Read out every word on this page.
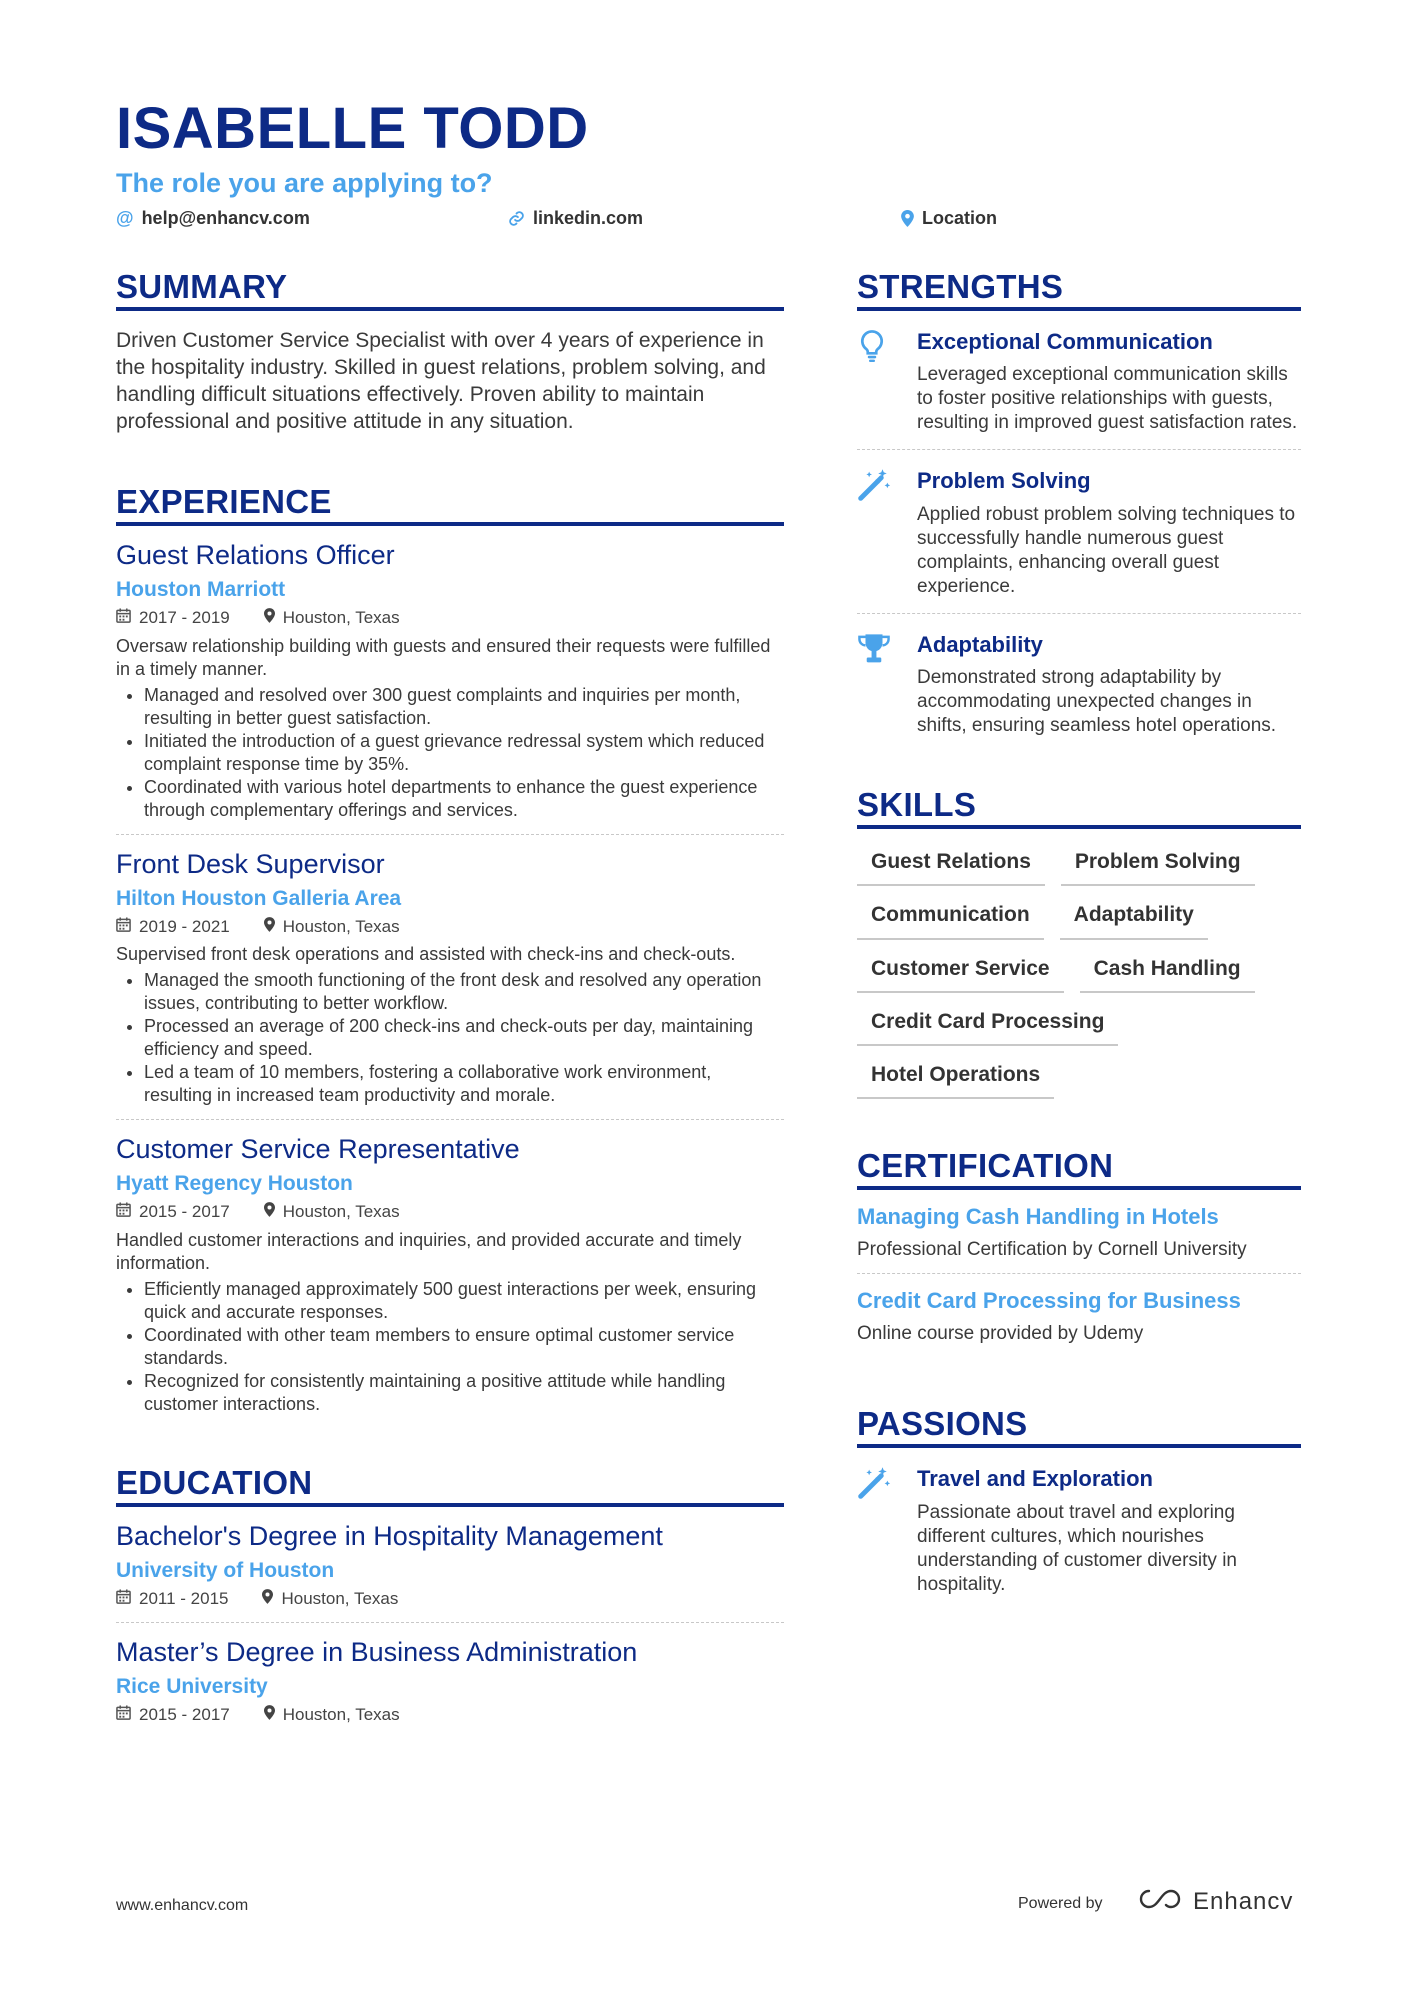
ISABELLE TODD
The role you are applying to?
@ help@enhancv.com	linkedin.com	Location
SUMMARY
Driven Customer Service Specialist with over 4 years of experience in the hospitality industry. Skilled in guest relations, problem solving, and handling difficult situations effectively. Proven ability to maintain professional and positive attitude in any situation.
EXPERIENCE
Guest Relations Officer
Houston Marriott
2017 - 2019	Houston, Texas
Oversaw relationship building with guests and ensured their requests were fulfilled in a timely manner.
• Managed and resolved over 300 guest complaints and inquiries per month, resulting in better guest satisfaction.
• Initiated the introduction of a guest grievance redressal system which reduced complaint response time by 35%.
• Coordinated with various hotel departments to enhance the guest experience through complementary offerings and services.
Front Desk Supervisor
Hilton Houston Galleria Area
2019 - 2021	Houston, Texas
Supervised front desk operations and assisted with check-ins and check-outs.
• Managed the smooth functioning of the front desk and resolved any operation issues, contributing to better workflow.
• Processed an average of 200 check-ins and check-outs per day, maintaining efficiency and speed.
• Led a team of 10 members, fostering a collaborative work environment, resulting in increased team productivity and morale.
Customer Service Representative
Hyatt Regency Houston
2015 - 2017	Houston, Texas
Handled customer interactions and inquiries, and provided accurate and timely information.
• Efficiently managed approximately 500 guest interactions per week, ensuring quick and accurate responses.
• Coordinated with other team members to ensure optimal customer service standards.
• Recognized for consistently maintaining a positive attitude while handling customer interactions.
EDUCATION
Bachelor's Degree in Hospitality Management
University of Houston
2011 - 2015	Houston, Texas
Master’s Degree in Business Administration
Rice University
2015 - 2017	Houston, Texas
STRENGTHS
Exceptional Communication
Leveraged exceptional communication skills to foster positive relationships with guests, resulting in improved guest satisfaction rates.
Problem Solving
Applied robust problem solving techniques to successfully handle numerous guest complaints, enhancing overall guest experience.
Adaptability
Demonstrated strong adaptability by accommodating unexpected changes in shifts, ensuring seamless hotel operations.
SKILLS
Guest Relations	Problem Solving
Communication	Adaptability
Customer Service	Cash Handling
Credit Card Processing
Hotel Operations
CERTIFICATION
Managing Cash Handling in Hotels
Professional Certification by Cornell University
Credit Card Processing for Business
Online course provided by Udemy
PASSIONS
Travel and Exploration
Passionate about travel and exploring different cultures, which nourishes understanding of customer diversity in hospitality.
www.enhancv.com	Powered by	Enhancv
